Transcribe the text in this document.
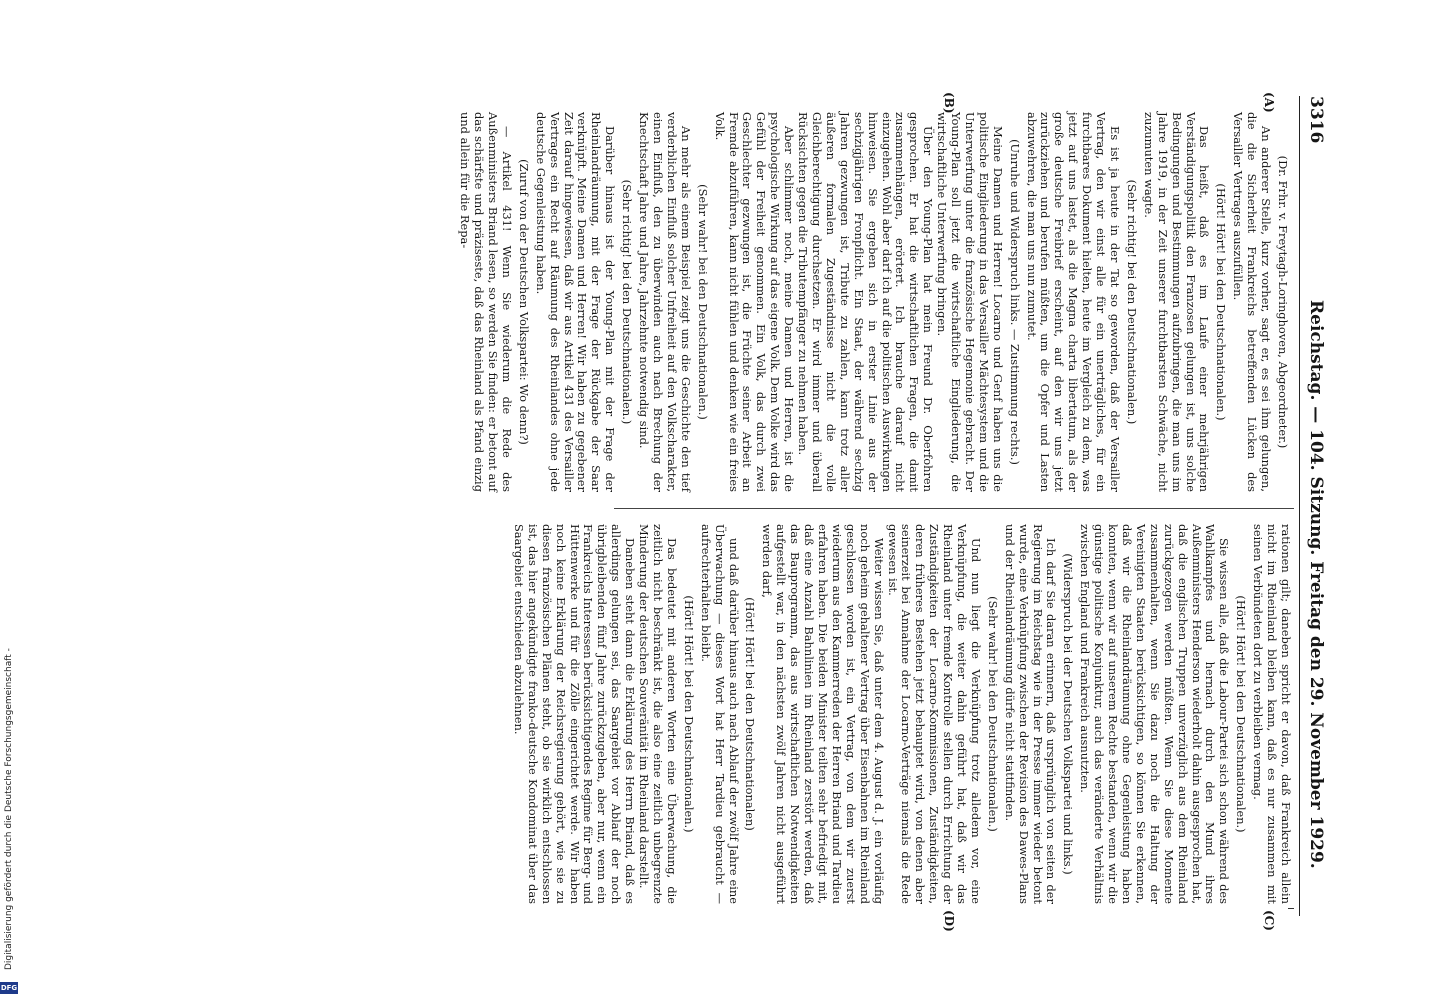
3316
Reichstag. — 104. Sitzung. Freitag den 29. November 1929.
(A)
(B)
(C)
(D)

(Dr. Frhr. v. Freytagh-Loringhoven, Abgeordneter.)

An anderer Stelle, kurz vorher, sagt er, es sei ihm gelungen, die die Sicherheit Frankreichs betreffenden Lücken des Versailler Vertrages auszufüllen.

(Hört! Hört! bei den Deutschnationalen.)

Das heißt, daß es im Laufe einer mehrjährigen Verständigungspolitik den Franzosen gelungen ist, uns solche Bedingungen und Bestimmungen aufzubringen, die man uns im Jahre 1919, in der Zeit unserer furchtbarsten Schwäche, nicht zuzumuten wagte.

(Sehr richtig! bei den Deutschnationalen.)

Es ist ja heute in der Tat so geworden, daß der Versailler Vertrag, den wir einst alle für ein unerträgliches, für ein furchtbares Dokument hielten, heute im Vergleich zu dem, was jetzt auf uns lastet, als die Magna charta libertatum, als der große deutsche Freibrief erscheint, auf den wir uns jetzt zurückziehen und berufen müßten, um die Opfer und Lasten abzuwehren, die man uns nun zumutet.

(Unruhe und Widerspruch links. — Zustimmung rechts.)

Meine Damen und Herren! Locarno und Genf haben uns die politische Eingliederung in das Versailler Mächtesystem und die Unterwerfung unter die französische Hegemonie gebracht. Der Young-Plan soll jetzt die wirtschaftliche Eingliederung, die wirtschaftliche Unterwerfung bringen.

Über den Young-Plan hat mein Freund Dr. Oberfohren gesprochen. Er hat die wirtschaftlichen Fragen, die damit zusammenhängen, erörtert. Ich brauche darauf nicht einzugehen. Wohl aber darf ich auf die politischen Auswirkungen hinweisen. Sie ergeben sich in erster Linie aus der sechzigjährigen Fronpflicht. Ein Staat, der während sechzig Jahren gezwungen ist, Tribute zu zahlen, kann trotz aller äußeren formalen Zugeständnisse nicht die volle Gleichberechtigung durchsetzen. Er wird immer und überall Rücksichten gegen die Tributempfänger zu nehmen haben.

Aber schlimmer noch, meine Damen und Herren, ist die psychologische Wirkung auf das eigene Volk. Dem Volke wird das Gefühl der Freiheit genommen. Ein Volk, das durch zwei Geschlechter gezwungen ist, die Früchte seiner Arbeit an Fremde abzuführen, kann nicht fühlen und denken wie ein freies Volk.

(Sehr wahr! bei den Deutschnationalen.)

An mehr als einem Beispiel zeigt uns die Geschichte den tief verderblichen Einfluß solcher Unfreiheit auf den Volkscharakter, einen Einfluß, den zu überwinden auch nach Brechung der Knechtschaft Jahre und Jahre, Jahrzehnte notwendig sind.

(Sehr richtig! bei den Deutschnationalen.)

Darüber hinaus ist der Young-Plan mit der Frage der Rheinlandräumung, mit der Frage der Rückgabe der Saar verknüpft. Meine Damen und Herren! Wir haben zu gegebener Zeit darauf hingewiesen, daß wir aus Artikel 431 des Versailler Vertrages ein Recht auf Räumung des Rheinlandes ohne jede deutsche Gegenleistung haben.

(Zuruf von der Deutschen Volkspartei: Wo denn?)

— Artikel 431! Wenn Sie wiederum die Rede des Außenministers Briand lesen, so werden Sie finden: er betont auf das schärfste und präziseste, daß das Rheinland als Pfand einzig und allein für die Repa-

rationen gilt; daneben spricht er davon, daß Frankreich allein nicht im Rheinland bleiben kann, daß es nur zusammen mit seinen Verbündeten dort zu verbleiben vermag.

(Hört! Hört! bei den Deutschnationalen.)

Sie wissen alle, daß die Labour-Partei sich schon während des Wahlkampfes und hernach durch den Mund ihres Außenministers Henderson wiederholt dahin ausgesprochen hat, daß die englischen Truppen unverzüglich aus dem Rheinland zurückgezogen werden müßten. Wenn Sie diese Momente zusammenhalten, wenn Sie dazu noch die Haltung der Vereinigten Staaten berücksichtigen, so können Sie erkennen, daß wir die Rheinlandräumung ohne Gegenleistung haben konnten, wenn wir auf unserem Rechte bestanden, wenn wir die günstige politische Konjunktur, auch das veränderte Verhältnis zwischen England und Frankreich ausnutzten.

(Widerspruch bei der Deutschen Volkspartei und links.)

Ich darf Sie daran erinnern, daß ursprünglich von seiten der Regierung im Reichstag wie in der Presse immer wieder betont wurde, eine Verknüpfung zwischen der Revision des Dawes-Plans und der Rheinlandräumung dürfe nicht stattfinden.

(Sehr wahr! bei den Deutschnationalen.)

Und nun liegt die Verknüpfung trotz alledem vor, eine Verknüpfung, die weiter dahin geführt hat, daß wir das Rheinland unter fremde Kontrolle stellen durch Errichtung der Zuständigkeiten der Locarno-Kommissionen, Zuständigkeiten, deren früheres Bestehen jetzt behauptet wird, von denen aber seinerzeit bei Annahme der Locarno-Verträge niemals die Rede gewesen ist.

Weiter wissen Sie, daß unter dem 4. August d. J. ein vorläufig noch geheim gehaltener Vertrag über Eisenbahnen im Rheinland geschlossen worden ist, ein Vertrag, von dem wir zuerst wiederum aus den Kammerreden der Herren Briand und Tardieu erfahren haben. Die beiden Minister teilten sehr befriedigt mit, daß eine Anzahl Bahnlinien im Rheinland zerstört werden, daß das Bauprogramm, das aus wirtschaftlichen Notwendigkeiten aufgestellt war, in den nächsten zwölf Jahren nicht ausgeführt werden darf,

(Hört! Hört! bei den Deutschnationalen)

und daß darüber hinaus auch nach Ablauf der zwölf Jahre eine Überwachung — dieses Wort hat Herr Tardieu gebraucht — aufrechterhalten bleibt.

(Hört! Hört! bei den Deutschnationalen.)

Das bedeutet mit anderen Worten eine Überwachung, die zeitlich nicht beschränkt ist, die also eine zeitlich unbegrenzte Minderung der deutschen Souveränität im Rheinland darstellt.

Daneben steht dann die Erklärung des Herrn Briand, daß es allerdings gelungen sei, das Saargebiet vor Ablauf der noch übrigbleibenden fünf Jahre zurückzugeben, aber nur, wenn ein Frankreichs Interessen berücksichtigendes Regime für Berg- und Hüttenwerke und für die Zölle eingerichtet werde. Wir haben noch keine Erklärung der Reichsregierung gehört, wie sie zu diesen französischen Plänen steht, ob sie wirklich entschlossen ist, das hier angekündigte franko-deutsche Kondominat über das Saargebiet entschieden abzulehnen.

Digitalisierung gefördert durch die Deutsche Forschungsgemeinschaft -
DFG
